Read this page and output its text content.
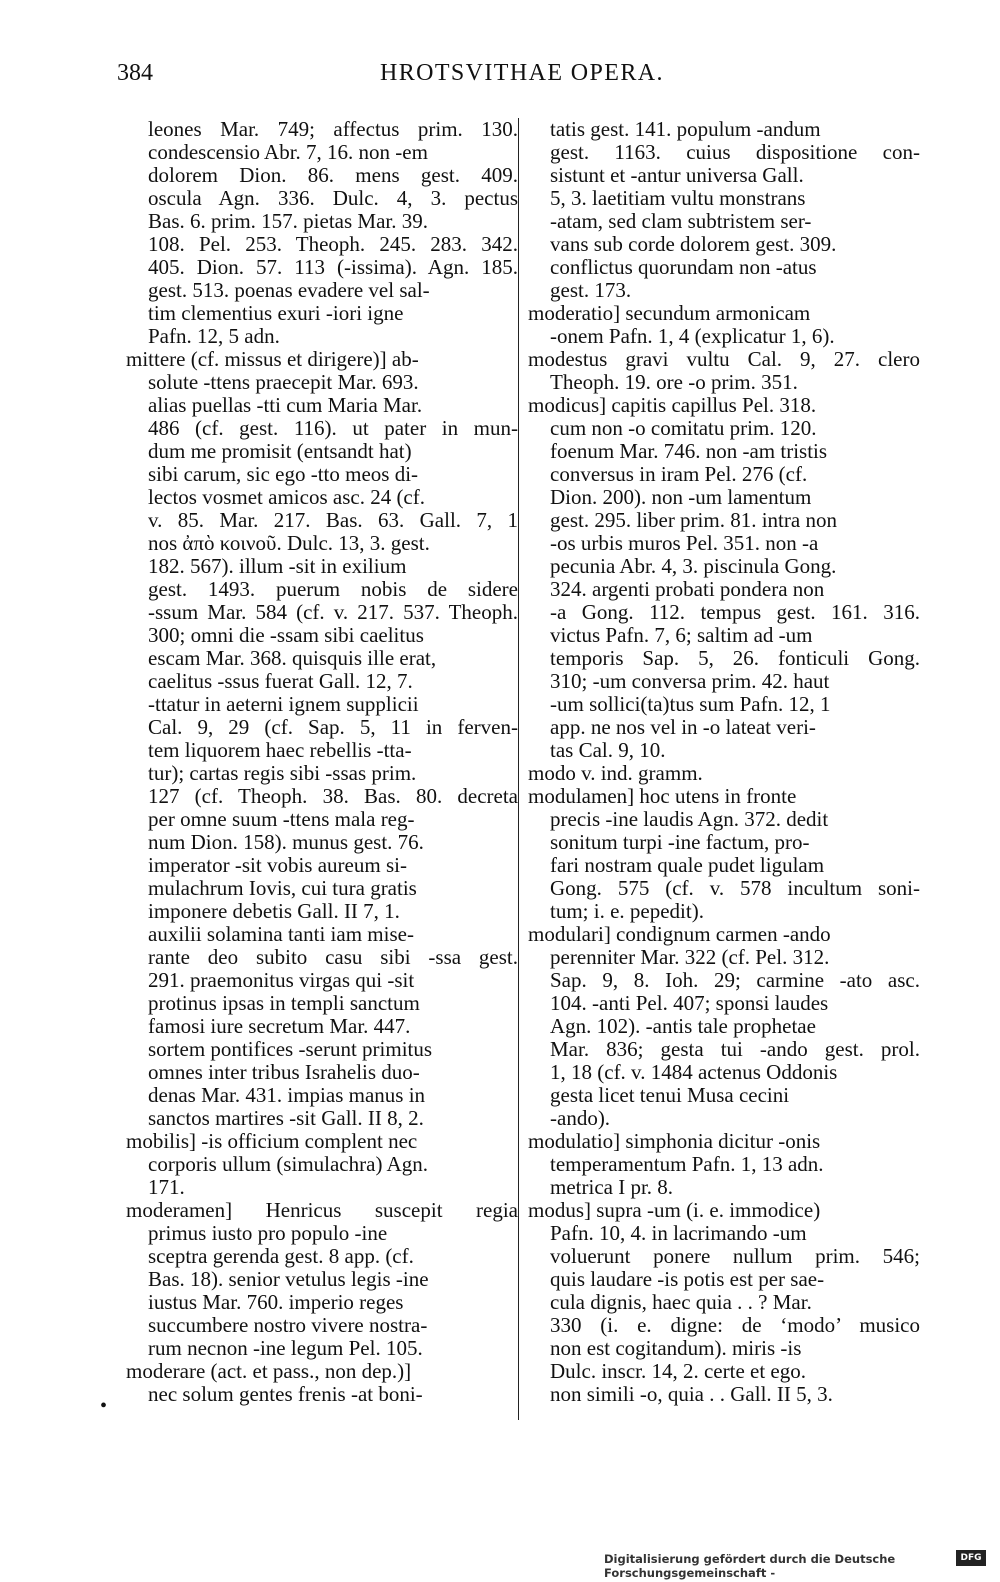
384	HROTSVITHAE OPERA.
leones Mar. 749; affectus prim. 130.
condescensio Abr. 7, 16. non -em
dolorem Dion. 86. mens gest. 409.
oscula Agn. 336. Dulc. 4, 3. pectus
Bas. 6. prim. 157. pietas Mar. 39.
108. Pel. 253. Theoph. 245. 283. 342.
405. Dion. 57. 113 (-issima). Agn. 185.
gest. 513. poenas evadere vel sal-
tim clementius exuri -iori igne
Pafn. 12, 5 adn.
mittere (cf. missus et dirigere)] ab-
solute -ttens praecepit Mar. 693.
alias puellas -tti cum Maria Mar.
486 (cf. gest. 116). ut pater in mun-
dum me promisit (entsandt hat)
sibi carum, sic ego -tto meos di-
lectos vosmet amicos asc. 24 (cf.
v. 85. Mar. 217. Bas. 63. Gall. 7, 1
nos ἀπὸ κοινοῦ. Dulc. 13, 3. gest.
182. 567). illum -sit in exilium
gest. 1493. puerum nobis de sidere
-ssum Mar. 584 (cf. v. 217. 537. Theoph.
300; omni die -ssam sibi caelitus
escam Mar. 368. quisquis ille erat,
caelitus -ssus fuerat Gall. 12, 7.
-ttatur in aeterni ignem supplicii
Cal. 9, 29 (cf. Sap. 5, 11 in ferven-
tem liquorem haec rebellis -tta-
tur); cartas regis sibi -ssas prim.
127 (cf. Theoph. 38. Bas. 80. decreta
per omne suum -ttens mala reg-
num Dion. 158). munus gest. 76.
imperator -sit vobis aureum si-
mulachrum Iovis, cui tura gratis
imponere debetis Gall. II 7, 1.
auxilii solamina tanti iam mise-
rante deo subito casu sibi -ssa gest.
291. praemonitus virgas qui -sit
protinus ipsas in templi sanctum
famosi iure secretum Mar. 447.
sortem pontifices -serunt primitus
omnes inter tribus Israhelis duo-
denas Mar. 431. impias manus in
sanctos martires -sit Gall. II 8, 2.
mobilis] -is officium complent nec
corporis ullum (simulachra) Agn.
171.
moderamen] Henricus suscepit regia
primus iusto pro populo -ine
sceptra gerenda gest. 8 app. (cf.
Bas. 18). senior vetulus legis -ine
iustus Mar. 760. imperio reges
succumbere nostro vivere nostra-
rum necnon -ine legum Pel. 105.
moderare (act. et pass., non dep.)]
nec solum gentes frenis -at boni-
tatis gest. 141. populum -andum
gest. 1163. cuius dispositione con-
sistunt et -antur universa Gall.
5, 3. laetitiam vultu monstrans
-atam, sed clam subtristem ser-
vans sub corde dolorem gest. 309.
conflictus quorundam non -atus
gest. 173.
moderatio] secundum armonicam
-onem Pafn. 1, 4 (explicatur 1, 6).
modestus gravi vultu Cal. 9, 27. clero
Theoph. 19. ore -o prim. 351.
modicus] capitis capillus Pel. 318.
cum non -o comitatu prim. 120.
foenum Mar. 746. non -am tristis
conversus in iram Pel. 276 (cf.
Dion. 200). non -um lamentum
gest. 295. liber prim. 81. intra non
-os urbis muros Pel. 351. non -a
pecunia Abr. 4, 3. piscinula Gong.
324. argenti probati pondera non
-a Gong. 112. tempus gest. 161. 316.
victus Pafn. 7, 6; saltim ad -um
temporis Sap. 5, 26. fonticuli Gong.
310; -um conversa prim. 42. haut
-um sollici(ta)tus sum Pafn. 12, 1
app. ne nos vel in -o lateat veri-
tas Cal. 9, 10.
modo v. ind. gramm.
modulamen] hoc utens in fronte
precis -ine laudis Agn. 372. dedit
sonitum turpi -ine factum, pro-
fari nostram quale pudet ligulam
Gong. 575 (cf. v. 578 incultum soni-
tum; i. e. pepedit).
modulari] condignum carmen -ando
perenniter Mar. 322 (cf. Pel. 312.
Sap. 9, 8. Ioh. 29; carmine -ato asc.
104. -anti Pel. 407; sponsi laudes
Agn. 102). -antis tale prophetae
Mar. 836; gesta tui -ando gest. prol.
1, 18 (cf. v. 1484 actenus Oddonis
gesta licet tenui Musa cecini
-ando).
modulatio] simphonia dicitur -onis
temperamentum Pafn. 1, 13 adn.
metrica I pr. 8.
modus] supra -um (i. e. immodice)
Pafn. 10, 4. in lacrimando -um
voluerunt ponere nullum prim. 546;
quis laudare -is potis est per sae-
cula dignis, haec quia . . ? Mar.
330 (i. e. digne: de ‘modo’ musico
non est cogitandum). miris -is
Dulc. inscr. 14, 2. certe et ego.
non simili -o, quia . . Gall. II 5, 3.
•
Digitalisierung gefördert durch die Deutsche Forschungsgemeinschaft -
DFG
